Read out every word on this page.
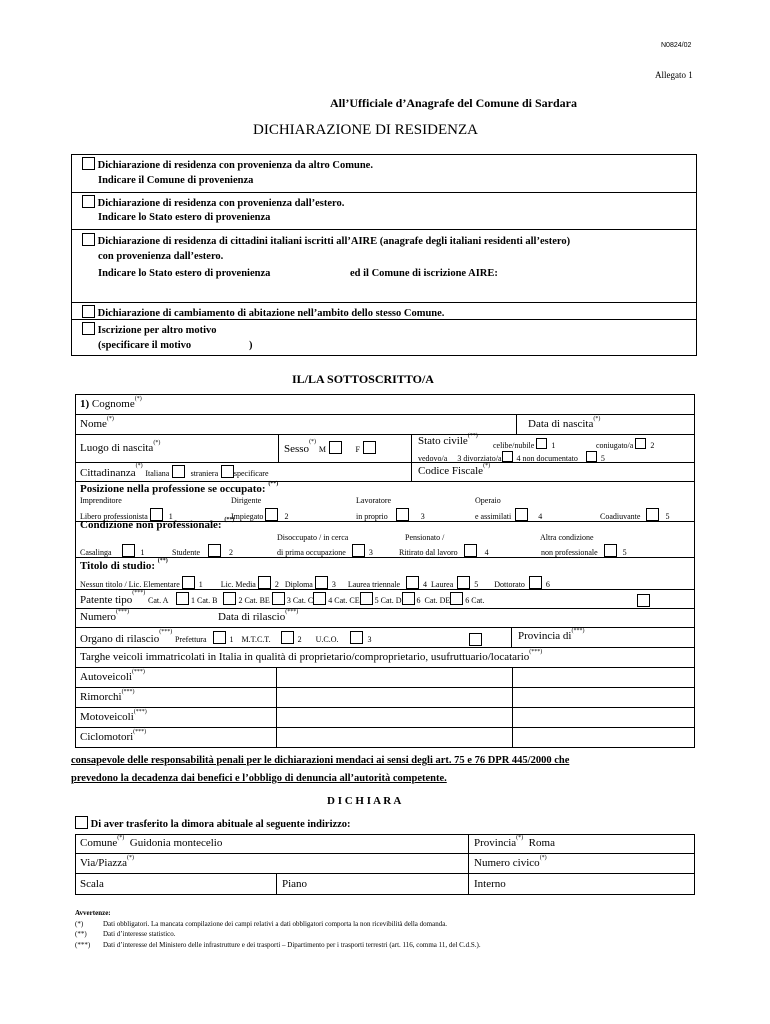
N0824/02
Allegato 1
All’Ufficiale d’Anagrafe del Comune di Sardara
DICHIARAZIONE DI RESIDENZA
Dichiarazione di residenza con provenienza da altro Comune.
Indicare il Comune di provenienza
Dichiarazione di residenza con provenienza dall’estero.
Indicare lo Stato estero di provenienza
Dichiarazione di residenza di cittadini italiani iscritti all’AIRE (anagrafe degli italiani residenti all’estero)
con provenienza dall’estero.
Indicare lo Stato estero di provenienza	ed il Comune di iscrizione AIRE:
Dichiarazione di cambiamento di abitazione nell’ambito dello stesso Comune.
Iscrizione per altro motivo
(specificare il motivo	)
IL/LA SOTTOSCRITTO/A
1) Cognome(*)
Nome(*)	Data di nascita(*)
Luogo di nascita(*)	Sesso(*) M	F
Stato civile(**)
celibe/nubile 1	coniugato/a 2
vedovo/a 3 divorziato/a 4 non documentato	5
Cittadinanza(*) Italiana	straniera specificare	Codice Fiscale(*)
Posizione nella professione se occupato: (**)
Imprenditore
Libero professionista	1
Dirigente
Impiegato	2
Lavoratore
in proprio	3
Operaio
e assimilati	4	Coadiuvante	5
Condizione non professionale: (**)
Casalinga	1	Studente	2
Disoccupato / in cerca
di prima occupazione	3
Pensionato /
Ritirato dal lavoro	4
Altra condizione
non professionale	5
Titolo di studio: (**)
Nessun titolo / Lic. Elementare 1 Lic. Media 2 Diploma 3 Laurea triennale	4 Laurea	5 Dottorato	6
Patente tipo(***) Cat. A	1 Cat. B	2 Cat. BE 3 Cat. C 4 Cat. CE 5 Cat. D 6 Cat. DE 6 Cat.
Numero(***)	Data di rilascio(***)
Organo di rilascio(***) Prefettura	1 M.T.C.T.	2 U.C.O.	3	Provincia di(***)
Targhe veicoli immatricolati in Italia in qualità di proprietario/comproprietario, usufruttuario/locatario(***)
Autoveicoli(***)
Rimorchi(***)
Motoveicoli(***)
Ciclomotori(***)
consapevole delle responsabilità penali per le dichiarazioni mendaci ai sensi degli art. 75 e 76 DPR 445/2000 che
prevedono la decadenza dai benefici e l’obbligo di denuncia all’autorità competente.
D I C H I A R A
Di aver trasferito la dimora abituale al seguente indirizzo:
Comune(*) Guidonia montecelio	Provincia(*) Roma
Via/Piazza(*)	Numero civico(*)
Scala	Piano	Interno
Avvertenze:
(*)	Dati obbligatori. La mancata compilazione dei campi relativi a dati obbligatori comporta la non ricevibilità della domanda.
(**) Dati d’interesse statistico.
(***) Dati d’interesse del Ministero delle infrastrutture e dei trasporti – Dipartimento per i trasporti terrestri (art. 116, comma 11, del C.d.S.).
